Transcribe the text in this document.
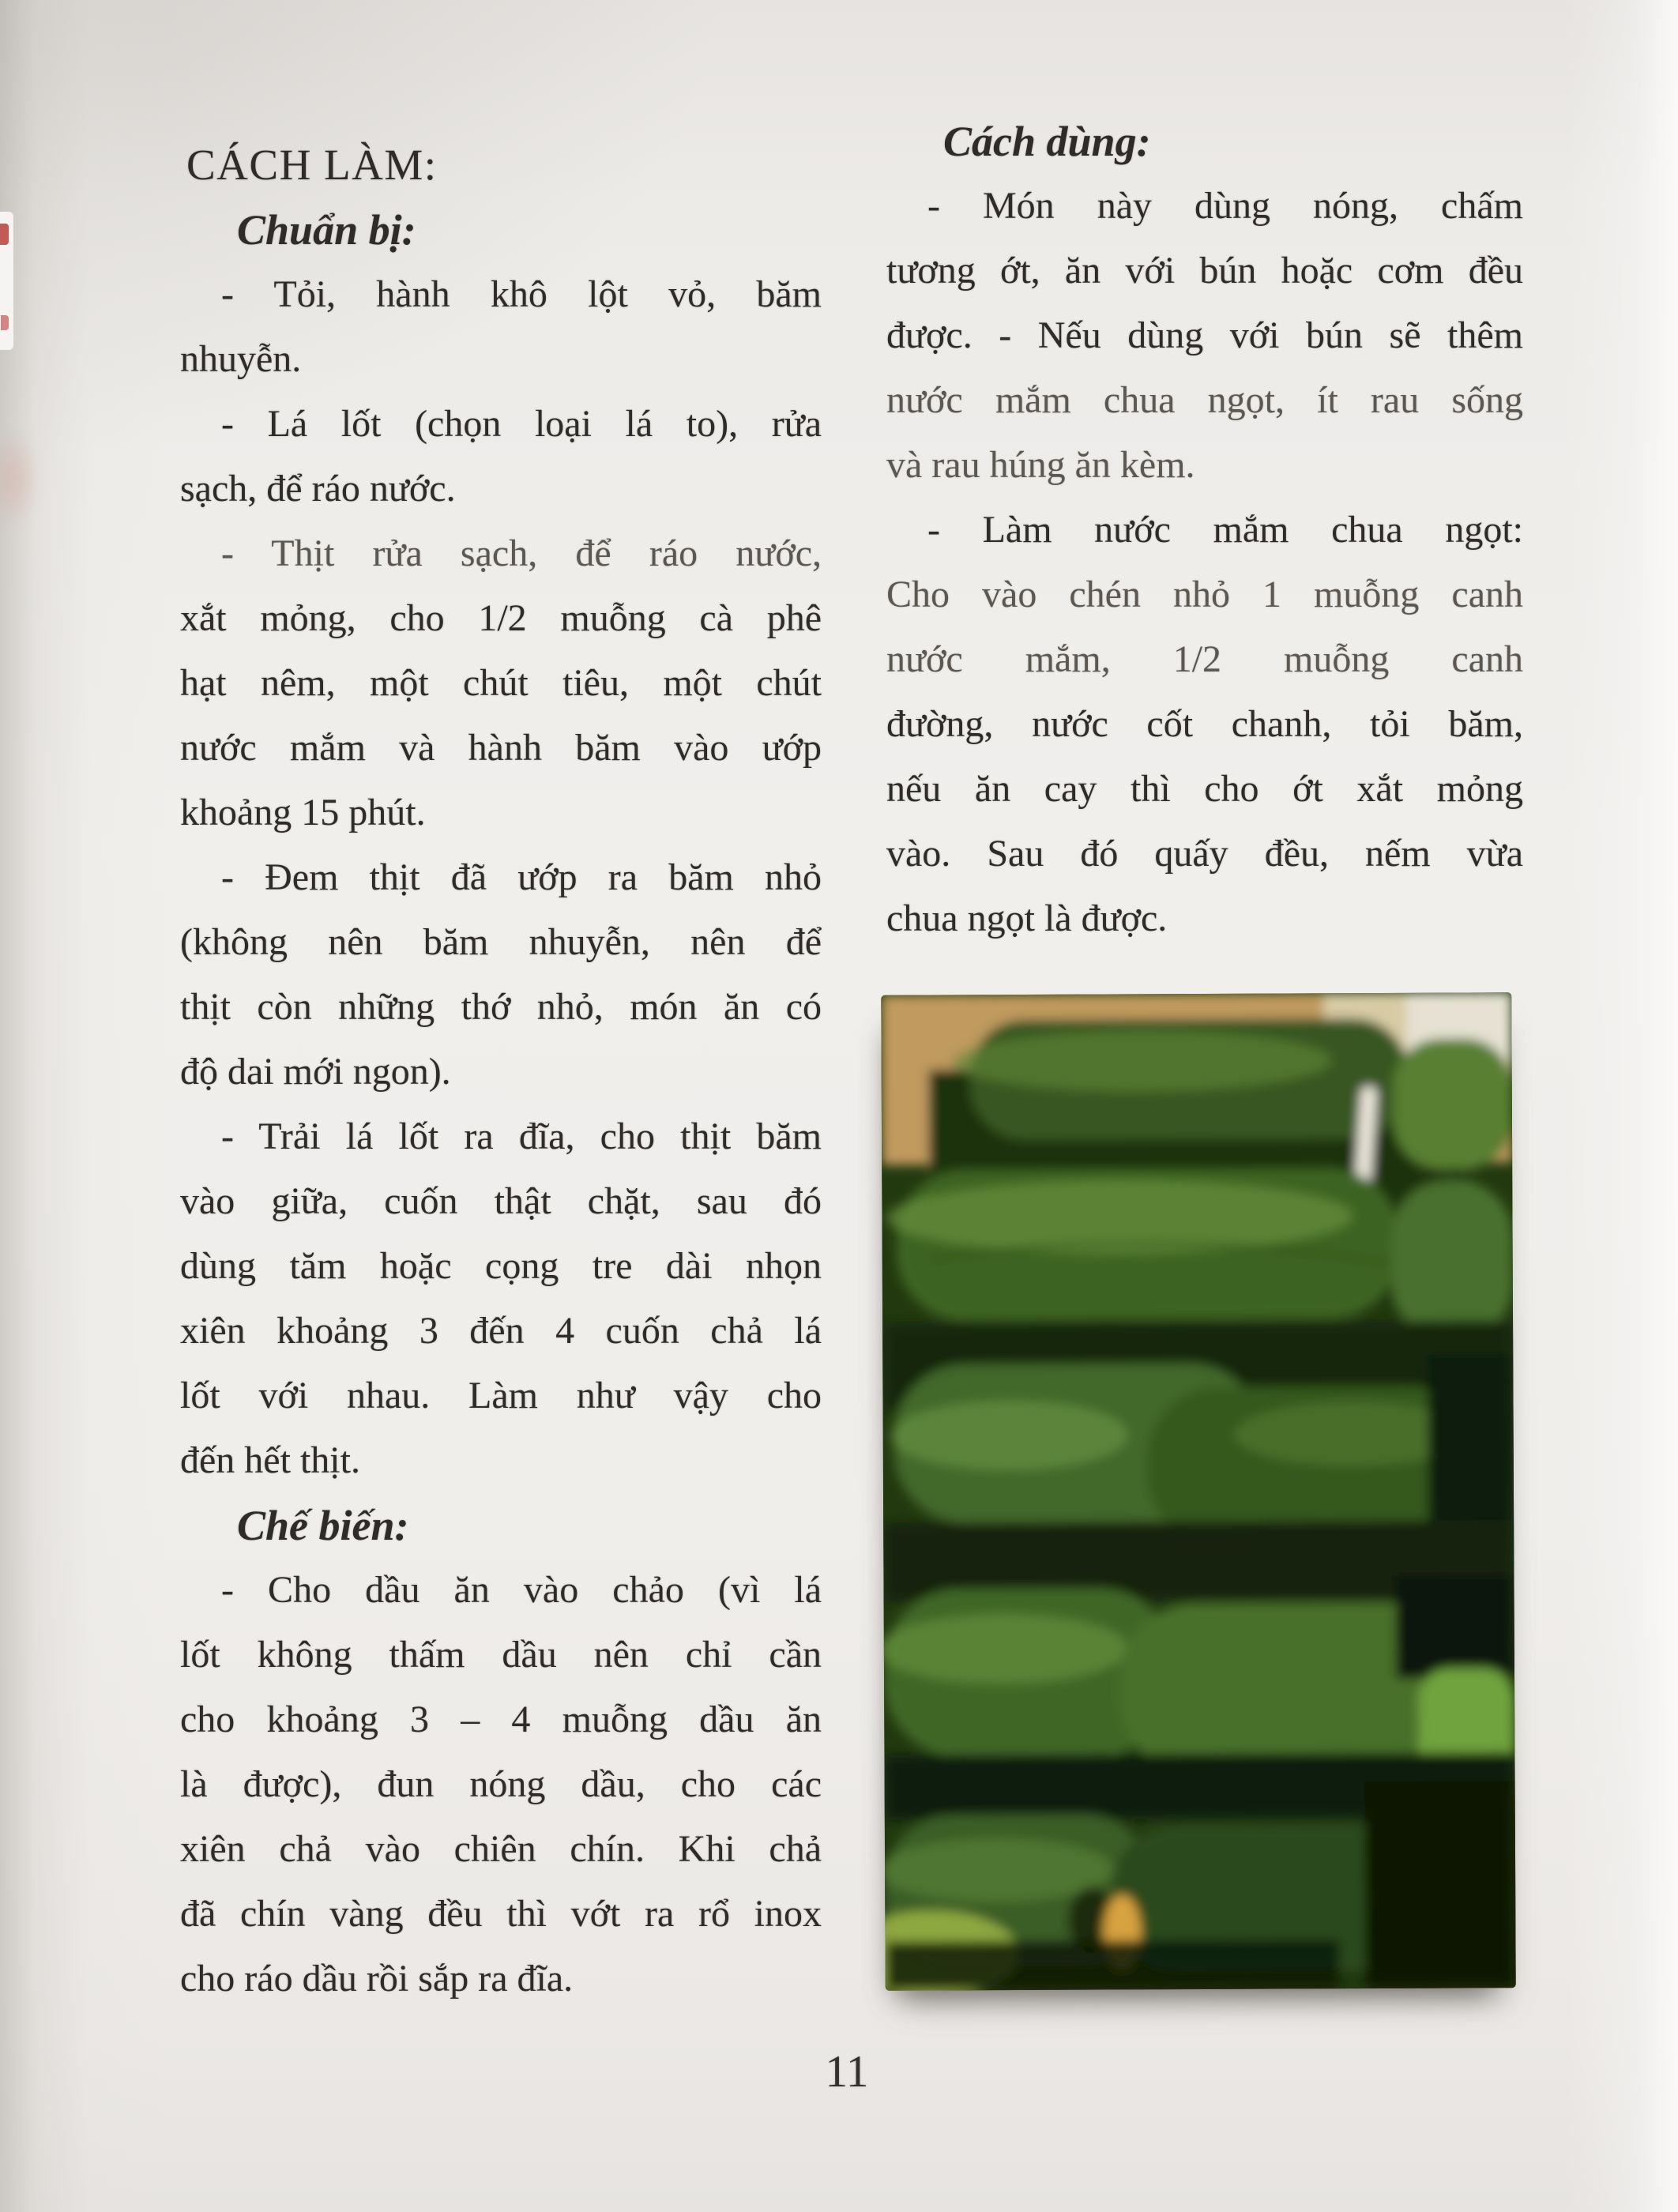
CÁCH LÀM:
Chuẩn bị:
- Tỏi, hành khô lột vỏ, băm
nhuyễn.
- Lá lốt (chọn loại lá to), rửa
sạch, để ráo nước.
- Thịt rửa sạch, để ráo nước,
xắt mỏng, cho 1/2 muỗng cà phê
hạt nêm, một chút tiêu, một chút
nước mắm và hành băm vào ướp
khoảng 15 phút.
- Đem thịt đã ướp ra băm nhỏ
(không nên băm nhuyễn, nên để
thịt còn những thớ nhỏ, món ăn có
độ dai mới ngon).
- Trải lá lốt ra đĩa, cho thịt băm
vào giữa, cuốn thật chặt, sau đó
dùng tăm hoặc cọng tre dài nhọn
xiên khoảng 3 đến 4 cuốn chả lá
lốt với nhau. Làm như vậy cho
đến hết thịt.
Chế biến:
- Cho dầu ăn vào chảo (vì lá
lốt không thấm dầu nên chỉ cần
cho khoảng 3 – 4 muỗng dầu ăn
là được), đun nóng dầu, cho các
xiên chả vào chiên chín. Khi chả
đã chín vàng đều thì vớt ra rổ inox
cho ráo dầu rồi sắp ra đĩa.
Cách dùng:
- Món này dùng nóng, chấm
tương ớt, ăn với bún hoặc cơm đều
được. - Nếu dùng với bún sẽ thêm
nước mắm chua ngọt, ít rau sống
và rau húng ăn kèm.
- Làm nước mắm chua ngọt:
Cho vào chén nhỏ 1 muỗng canh
nước mắm, 1/2 muỗng canh
đường, nước cốt chanh, tỏi băm,
nếu ăn cay thì cho ớt xắt mỏng
vào. Sau đó quấy đều, nếm vừa
chua ngọt là được.
11
